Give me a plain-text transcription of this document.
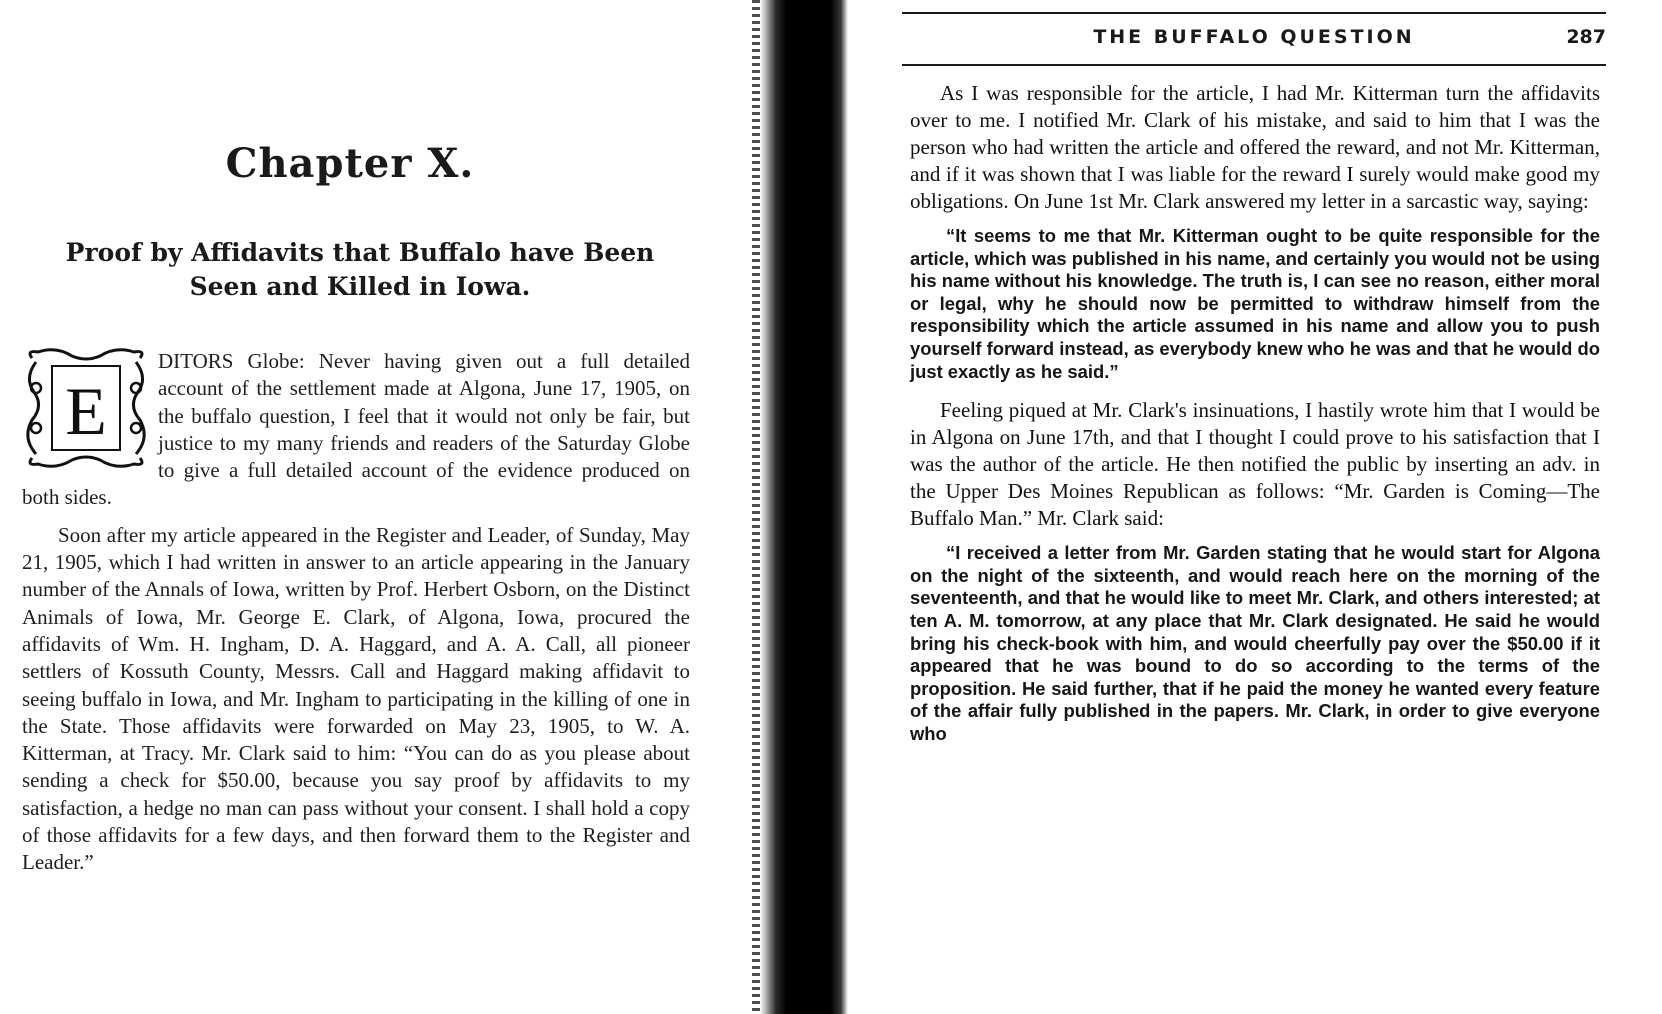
Chapter X.
Proof by Affidavits that Buffalo have Been
Seen and Killed in Iowa.
E

DITORS Globe: Never having given out a full detailed account of the settlement made at Algona, June 17, 1905, on the buffalo question, I feel that it would not only be fair, but justice to my many friends and readers of the Saturday Globe to give a full detailed account of the evidence produced on both sides.

Soon after my article appeared in the Register and Leader, of Sunday, May 21, 1905, which I had written in answer to an article appearing in the January number of the Annals of Iowa, written by Prof. Herbert Osborn, on the Distinct Animals of Iowa, Mr. George E. Clark, of Algona, Iowa, procured the affidavits of Wm. H. Ingham, D. A. Haggard, and A. A. Call, all pioneer settlers of Kossuth County, Messrs. Call and Haggard making affidavit to seeing buffalo in Iowa, and Mr. Ingham to participating in the killing of one in the State. Those affidavits were forwarded on May 23, 1905, to W. A. Kitterman, at Tracy. Mr. Clark said to him: “You can do as you please about sending a check for $50.00, because you say proof by affidavits to my satisfaction, a hedge no man can pass without your consent. I shall hold a copy of those affidavits for a few days, and then forward them to the Register and Leader.”

THE BUFFALO QUESTION	287

As I was responsible for the article, I had Mr. Kitterman turn the affidavits over to me. I notified Mr. Clark of his mistake, and said to him that I was the person who had written the article and offered the reward, and not Mr. Kitterman, and if it was shown that I was liable for the reward I surely would make good my obligations. On June 1st Mr. Clark answered my letter in a sarcastic way, saying:

“It seems to me that Mr. Kitterman ought to be quite responsible for the article, which was published in his name, and certainly you would not be using his name without his knowledge. The truth is, I can see no reason, either moral or legal, why he should now be permitted to withdraw himself from the responsibility which the article assumed in his name and allow you to push yourself forward instead, as everybody knew who he was and that he would do just exactly as he said.”

Feeling piqued at Mr. Clark's insinuations, I hastily wrote him that I would be in Algona on June 17th, and that I thought I could prove to his satisfaction that I was the author of the article. He then notified the public by inserting an adv. in the Upper Des Moines Republican as follows: “Mr. Garden is Coming—The Buffalo Man.” Mr. Clark said:

“I received a letter from Mr. Garden stating that he would start for Algona on the night of the sixteenth, and would reach here on the morning of the seventeenth, and that he would like to meet Mr. Clark, and others interested; at ten A. M. tomorrow, at any place that Mr. Clark designated. He said he would bring his check-book with him, and would cheerfully pay over the $50.00 if it appeared that he was bound to do so according to the terms of the proposition. He said further, that if he paid the money he wanted every feature of the affair fully published in the papers. Mr. Clark, in order to give everyone who
